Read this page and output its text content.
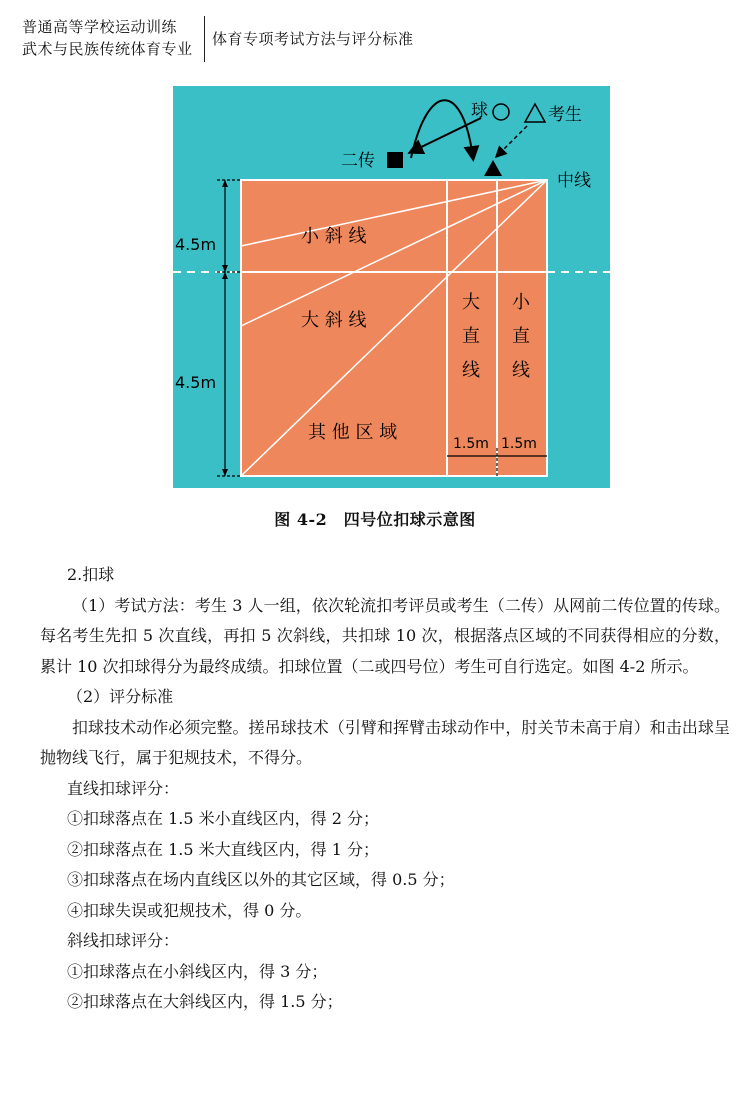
普通高等学校运动训练
武术与民族传统体育专业
体育专项考试方法与评分标准
球	考生
二传
中线
小 斜 线
大 斜 线
其 他 区 域
大
直
线
小
直
线
4.5m
4.5m
1.5m 1.5m
图 4-2　四号位扣球示意图

2.扣球

（1）考试方法：考生 3 人一组，依次轮流扣考评员或考生（二传）从网前二传位置的传球。每名考生先扣 5 次直线，再扣 5 次斜线，共扣球 10 次，根据落点区域的不同获得相应的分数，累计 10 次扣球得分为最终成绩。扣球位置（二或四号位）考生可自行选定。如图 4-2 所示。

（2）评分标准

扣球技术动作必须完整。搓吊球技术（引臂和挥臂击球动作中，肘关节未高于肩）和击出球呈抛物线飞行，属于犯规技术，不得分。

直线扣球评分：

①扣球落点在 1.5 米小直线区内，得 2 分；

②扣球落点在 1.5 米大直线区内，得 1 分；

③扣球落点在场内直线区以外的其它区域，得 0.5 分；

④扣球失误或犯规技术，得 0 分。

斜线扣球评分：

①扣球落点在小斜线区内，得 3 分；

②扣球落点在大斜线区内，得 1.5 分；
